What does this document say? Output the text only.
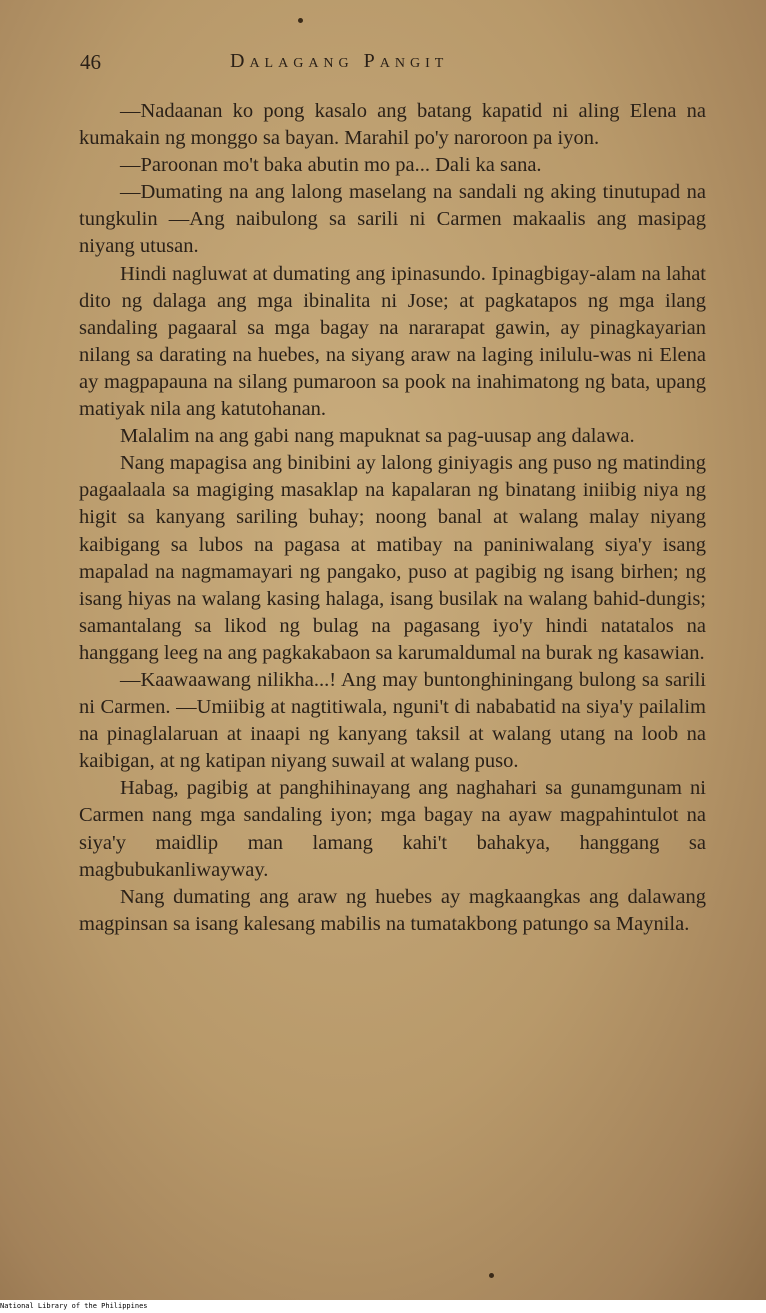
46	Dalagang Pangit

—Nadaanan ko pong kasalo ang batang kapatid ni aling Elena na kumakain ng monggo sa bayan. Marahil po'y naroroon pa iyon.

—Paroonan mo't baka abutin mo pa... Dali ka sana.

—Dumating na ang lalong maselang na sandali ng aking tinutupad na tungkulin —Ang naibulong sa sarili ni Carmen makaalis ang masipag niyang utusan.

Hindi nagluwat at dumating ang ipinasundo. Ipinagbigay-alam na lahat dito ng dalaga ang mga ibinalita ni Jose; at pagkatapos ng mga ilang sandaling pagaaral sa mga bagay na nararapat gawin, ay pinagkayarian nilang sa darating na huebes, na siyang araw na laging inilulu-was ni Elena ay magpapauna na silang pumaroon sa pook na inahimatong ng bata, upang matiyak nila ang katutohanan.

Malalim na ang gabi nang mapuknat sa pag-uusap ang dalawa.

Nang mapagisa ang binibini ay lalong giniyagis ang puso ng matinding pagaalaala sa magiging masaklap na kapalaran ng binatang iniibig niya ng higit sa kanyang sariling buhay; noong banal at walang malay niyang kaibigang sa lubos na pagasa at matibay na paniniwalang siya'y isang mapalad na nagmamayari ng pangako, puso at pagibig ng isang birhen; ng isang hiyas na walang kasing halaga, isang busilak na walang bahid-dungis; samantalang sa likod ng bulag na pagasang iyo'y hindi natatalos na hanggang leeg na ang pagkakabaon sa karumaldumal na burak ng kasawian.

—Kaawaawang nilikha...! Ang may buntonghiningang bulong sa sarili ni Carmen. —Umiibig at nagtitiwala, nguni't di nababatid na siya'y pailalim na pinaglalaruan at inaapi ng kanyang taksil at walang utang na loob na kaibigan, at ng katipan niyang suwail at walang puso.

Habag, pagibig at panghihinayang ang naghahari sa gunamgunam ni Carmen nang mga sandaling iyon; mga bagay na ayaw magpahintulot na siya'y maidlip man lamang kahi't bahakya, hanggang sa magbubukanliwayway.

Nang dumating ang araw ng huebes ay magkaangkas ang dalawang magpinsan sa isang kalesang mabilis na tumatakbong patungo sa Maynila.

National Library of the Philippines
